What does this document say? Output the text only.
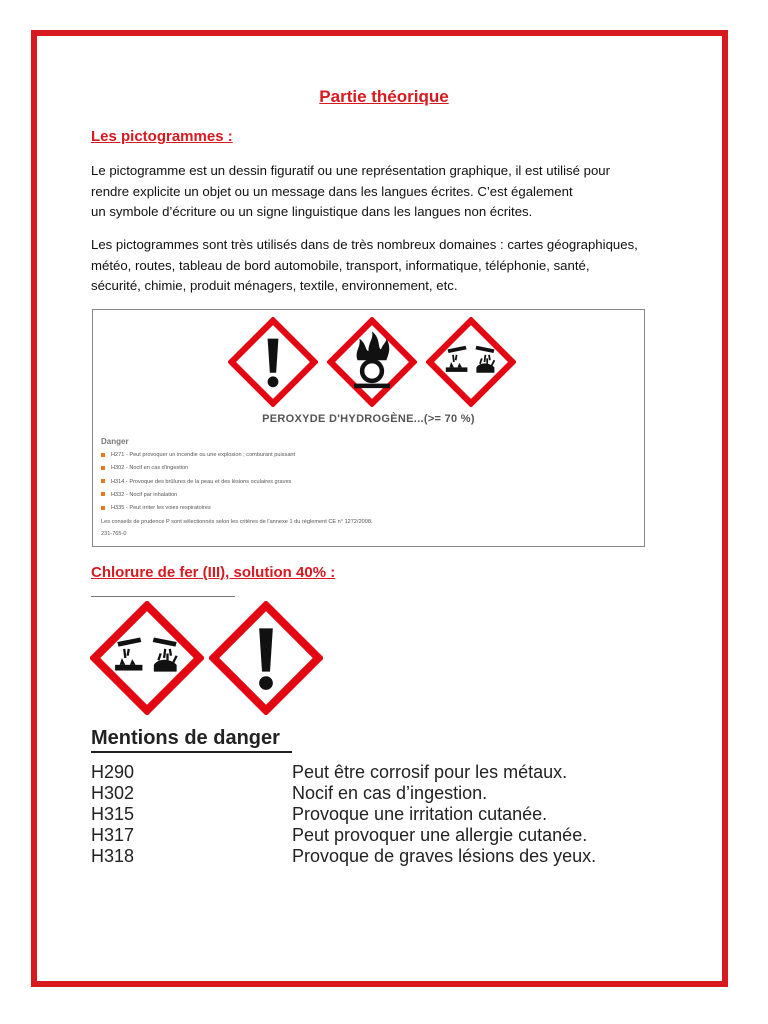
Partie théorique
Les pictogrammes :

Le pictogramme est un dessin figuratif ou une représentation graphique, il est utilisé pour

rendre explicite un objet ou un message dans les langues écrites. C’est également

un symbole d’écriture ou un signe linguistique dans les langues non écrites.

Les pictogrammes sont très utilisés dans de très nombreux domaines : cartes géographiques,

météo, routes, tableau de bord automobile, transport, informatique, téléphonie, santé,

sécurité, chimie, produit ménagers, textile, environnement, etc.

PEROXYDE D'HYDROGÈNE...(>= 70 %)
Danger
H271 - Peut provoquer un incendie ou une explosion ; comburant puissant
H302 - Nocif en cas d'ingestion
H314 - Provoque des brûlures de la peau et des lésions oculaires graves
H332 - Nocif par inhalation
H335 - Peut irriter les voies respiratoires
Les conseils de prudence P sont sélectionnés selon les critères de l'annexe 1 du règlement CE n° 1272/2008.
231-765-0
Chlorure de fer (III), solution 40% :
Mentions de danger
H290	Peut être corrosif pour les métaux.
H302	Nocif en cas d’ingestion.
H315	Provoque une irritation cutanée.
H317	Peut provoquer une allergie cutanée.
H318	Provoque de graves lésions des yeux.
